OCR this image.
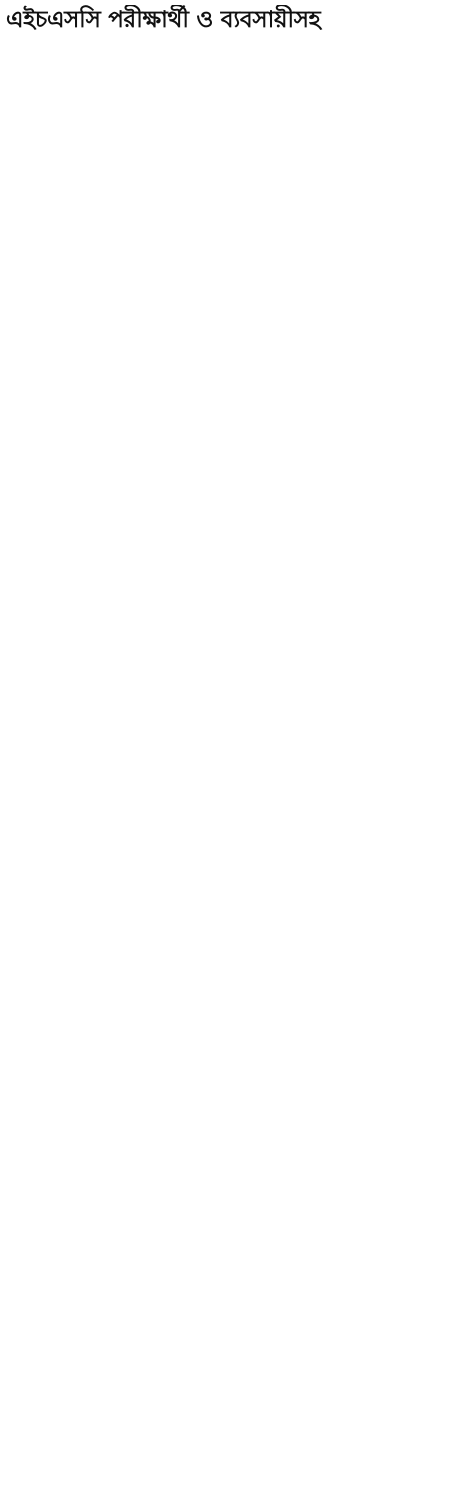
এইচএসসি পরীক্ষার্থী ও ব্যবসায়ীসহ
